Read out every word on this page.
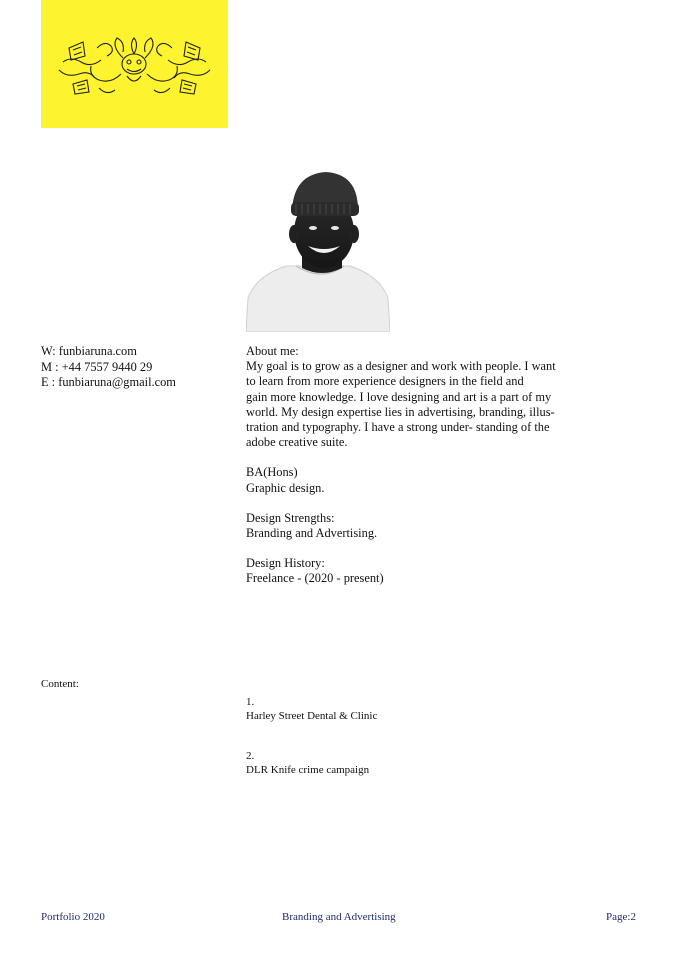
W: funbiaruna.com
M : +44 7557 9440 29
E : funbiaruna@gmail.com

About me:
My goal is to grow as a designer and work with people. I want
to learn from more experience designers in the field and
gain more knowledge. I love designing and art is a part of my
world. My design expertise lies in advertising, branding, illus-
tration and typography. I have a strong under- standing of the
adobe creative suite.

BA(Hons)
Graphic design.

Design Strengths:
Branding and Advertising.

Design History:
Freelance - (2020 - present)

Content:
1.
Harley Street Dental & Clinic
2.
DLR Knife crime campaign
Portfolio 2020	Branding and Advertising	Page:2
